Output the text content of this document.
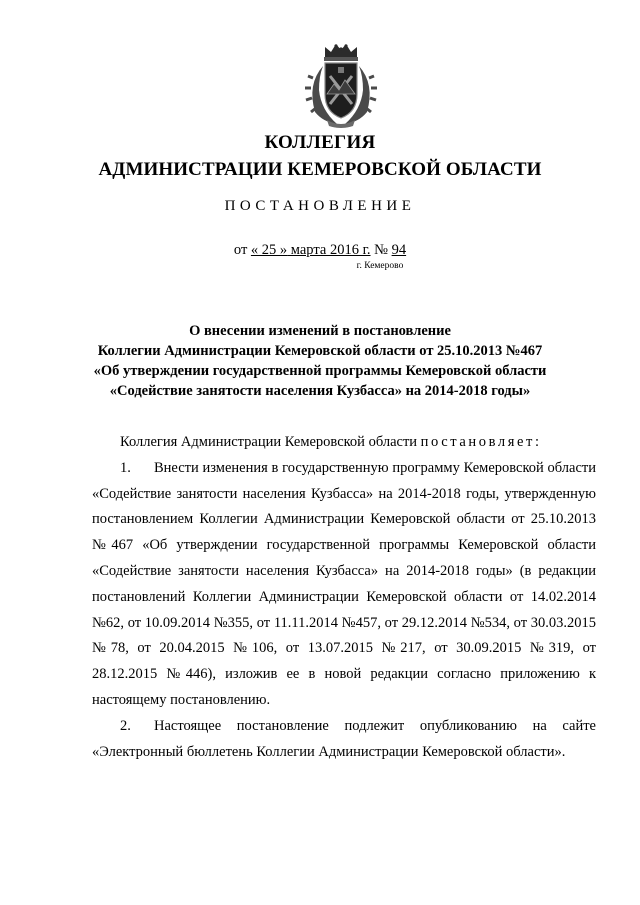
КОЛЛЕГИЯ
АДМИНИСТРАЦИИ КЕМЕРОВСКОЙ ОБЛАСТИ
ПОСТАНОВЛЕНИЕ
от « 25 » марта 2016 г. № 94
г. Кемерово
О внесении изменений в постановление
Коллегии Администрации Кемеровской области от 25.10.2013 №467
«Об утверждении государственной программы Кемеровской области
«Содействие занятости населения Кузбасса» на 2014-2018 годы»

Коллегия Администрации Кемеровской области постановляет:

1. Внести изменения в государственную программу Кемеровской области «Содействие занятости населения Кузбасса» на 2014-2018 годы, утвержденную постановлением Коллегии Администрации Кемеровской области от 25.10.2013 №467 «Об утверждении государственной программы Кемеровской области «Содействие занятости населения Кузбасса» на 2014-2018 годы» (в редакции постановлений Коллегии Администрации Кемеровской области от 14.02.2014 №62, от 10.09.2014 №355, от 11.11.2014 №457, от 29.12.2014 №534, от 30.03.2015 №78, от 20.04.2015 №106, от 13.07.2015 №217, от 30.09.2015 №319, от 28.12.2015 №446), изложив ее в новой редакции согласно приложению к настоящему постановлению.

2. Настоящее постановление подлежит опубликованию на сайте «Электронный бюллетень Коллегии Администрации Кемеровской области».
